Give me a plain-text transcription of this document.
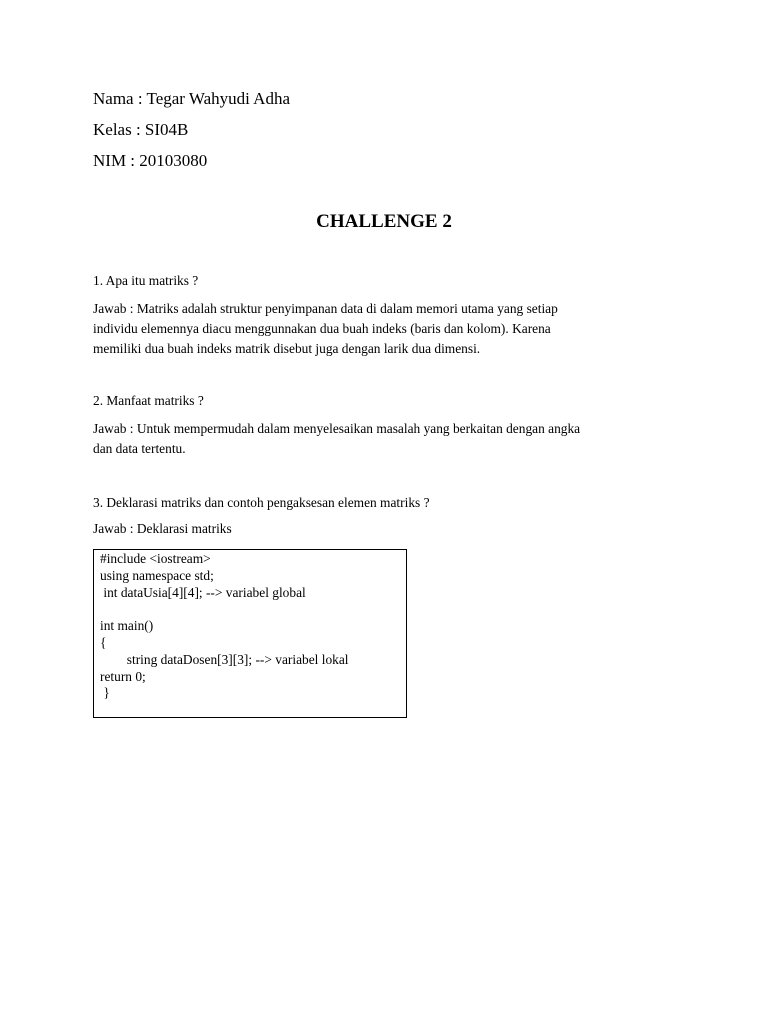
Nama : Tegar Wahyudi Adha
Kelas : SI04B
NIM : 20103080
CHALLENGE 2
1. Apa itu matriks ?
Jawab : Matriks adalah struktur penyimpanan data di dalam memori utama yang setiap
individu elemennya diacu menggunnakan dua buah indeks (baris dan kolom). Karena
memiliki dua buah indeks matrik disebut juga dengan larik dua dimensi.
2. Manfaat matriks ?
Jawab : Untuk mempermudah dalam menyelesaikan masalah yang berkaitan dengan angka
dan data tertentu.
3. Deklarasi matriks dan contoh pengaksesan elemen matriks ?
Jawab : Deklarasi matriks
#include <iostream>
using namespace std;
int dataUsia[4][4]; --> variabel global
int main()
{
string dataDosen[3][3]; --> variabel lokal
return 0;
}
